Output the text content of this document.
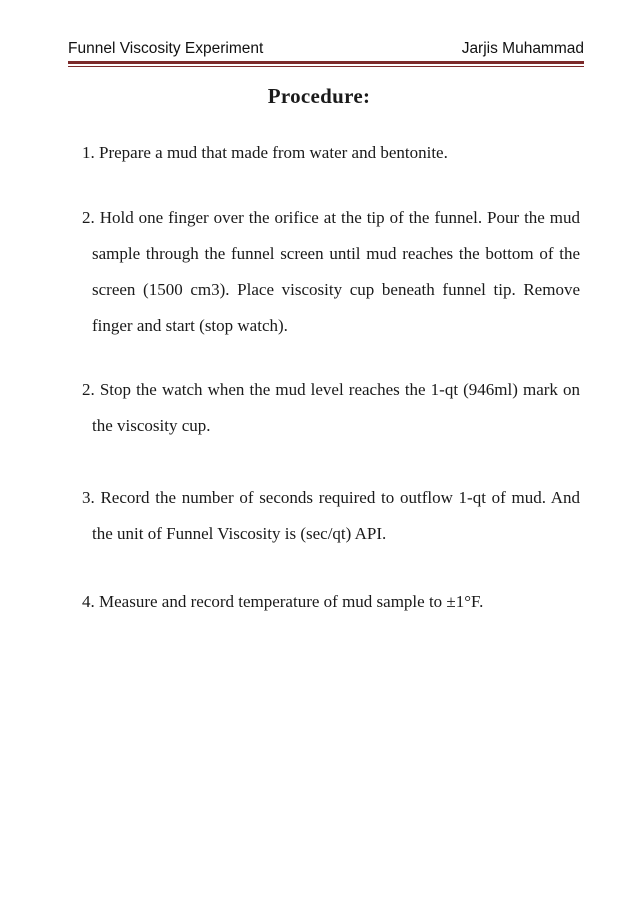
Funnel Viscosity Experiment	Jarjis Muhammad
Procedure:
1. Prepare a mud that made from water and bentonite.
2. Hold one finger over the orifice at the tip of the funnel. Pour the mud sample through the funnel screen until mud reaches the bottom of the screen (1500 cm3). Place viscosity cup beneath funnel tip. Remove finger and start (stop watch).
2. Stop the watch when the mud level reaches the 1-qt (946ml) mark on the viscosity cup.
3. Record the number of seconds required to outflow 1-qt of mud. And the unit of Funnel Viscosity is (sec/qt) API.
4. Measure and record temperature of mud sample to ±1°F.
